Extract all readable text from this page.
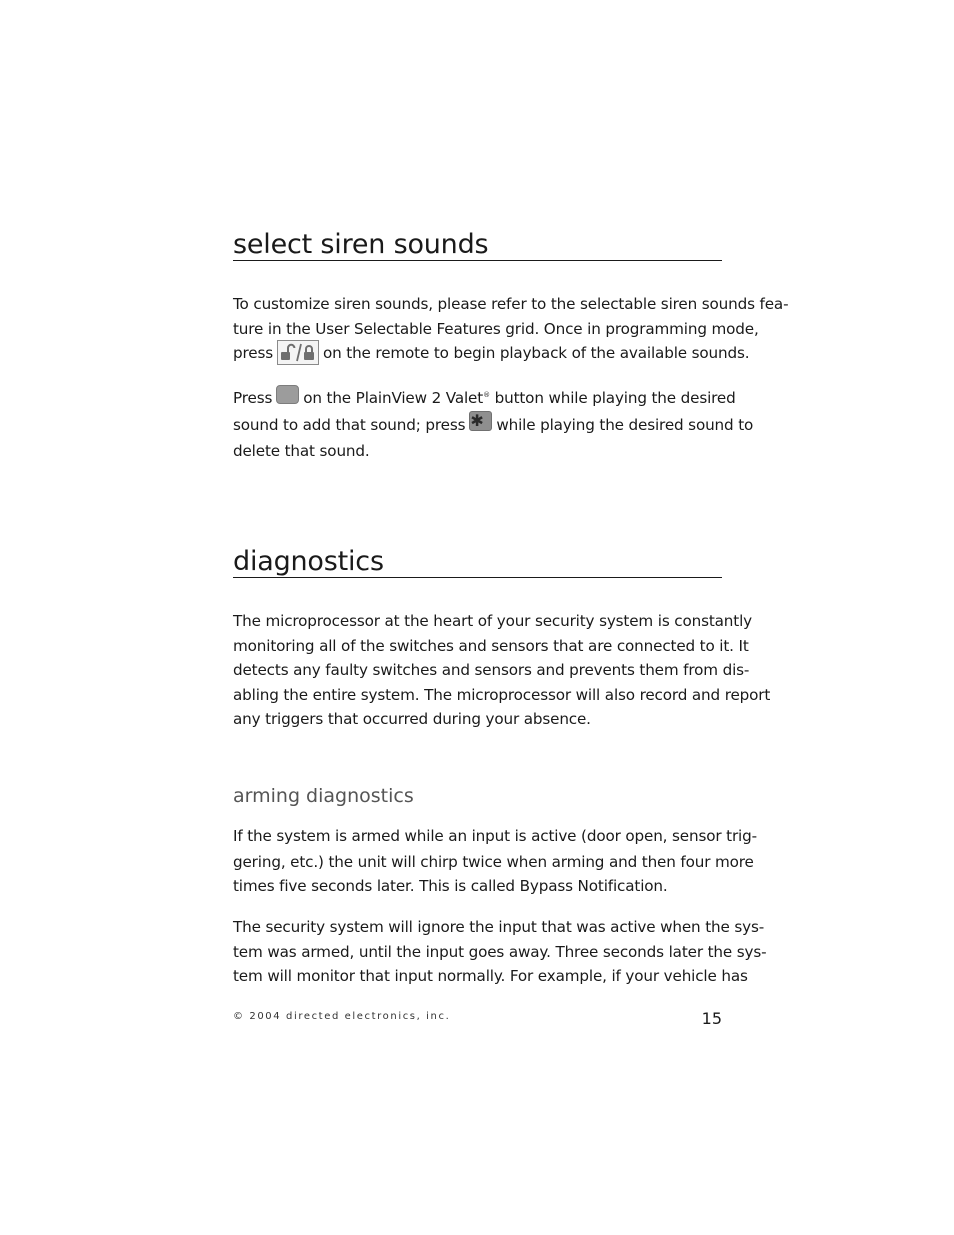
select siren sounds
To customize siren sounds, please refer to the selectable siren sounds fea-
ture in the User Selectable Features grid. Once in programming mode,
press	on the remote to begin playback of the available sounds.
Press on the PlainView 2 Valet® button while playing the desired
sound to add that sound; press ✱ while playing the desired sound to
delete that sound.
diagnostics
The microprocessor at the heart of your security system is constantly
monitoring all of the switches and sensors that are connected to it. It
detects any faulty switches and sensors and prevents them from dis-
abling the entire system. The microprocessor will also record and report
any triggers that occurred during your absence.
arming diagnostics
If the system is armed while an input is active (door open, sensor trig-
gering, etc.) the unit will chirp twice when arming and then four more
times five seconds later. This is called Bypass Notification.
The security system will ignore the input that was active when the sys-
tem was armed, until the input goes away. Three seconds later the sys-
tem will monitor that input normally. For example, if your vehicle has
© 2004 directed electronics, inc.	15
